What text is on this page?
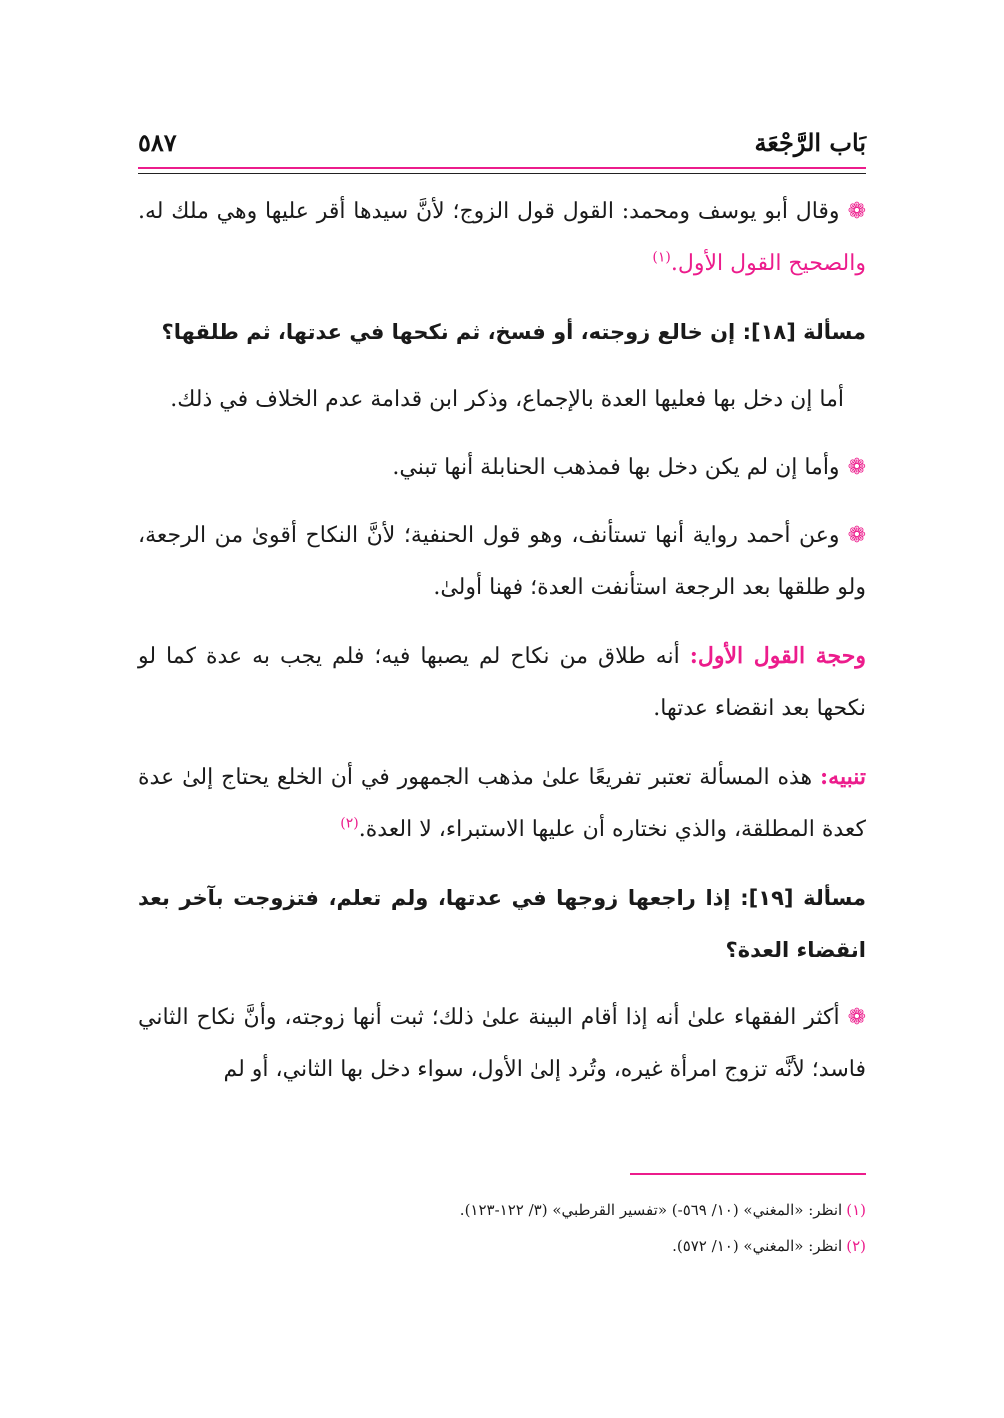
بَاب الرَّجْعَة
٥٨٧

❁وقال أبو يوسف ومحمد: القول قول الزوج؛ لأنَّ سيدها أقر عليها وهي ملك له. والصحيح القول الأول.$^{(١)}$

مسألة [١٨]: إن خالع زوجته، أو فسخ، ثم نكحها في عدتها، ثم طلقها؟

أما إن دخل بها فعليها العدة بالإجماع، وذكر ابن قدامة عدم الخلاف في ذلك.

❁وأما إن لم يكن دخل بها فمذهب الحنابلة أنها تبني.

❁وعن أحمد رواية أنها تستأنف، وهو قول الحنفية؛ لأنَّ النكاح أقوىٰ من الرجعة، ولو طلقها بعد الرجعة استأنفت العدة؛ فهنا أولىٰ.

وحجة القول الأول: أنه طلاق من نكاح لم يصبها فيه؛ فلم يجب به عدة كما لو نكحها بعد انقضاء عدتها.

تنبيه: هذه المسألة تعتبر تفريعًا علىٰ مذهب الجمهور في أن الخلع يحتاج إلىٰ عدة كعدة المطلقة، والذي نختاره أن عليها الاستبراء، لا العدة.$^{(٢)}$

مسألة [١٩]: إذا راجعها زوجها في عدتها، ولم تعلم، فتزوجت بآخر بعد انقضاء العدة؟

❁أكثر الفقهاء علىٰ أنه إذا أقام البينة علىٰ ذلك؛ ثبت أنها زوجته، وأنَّ نكاح الثاني فاسد؛ لأنَّه تزوج امرأة غيره، وتُرد إلىٰ الأول، سواء دخل بها الثاني، أو لم

(١)انظر: «المغني» (١٠/ ٥٦٩-) «تفسير القرطبي» (٣/ ١٢٢-١٢٣).

(٢)انظر: «المغني» (١٠/ ٥٧٢).
